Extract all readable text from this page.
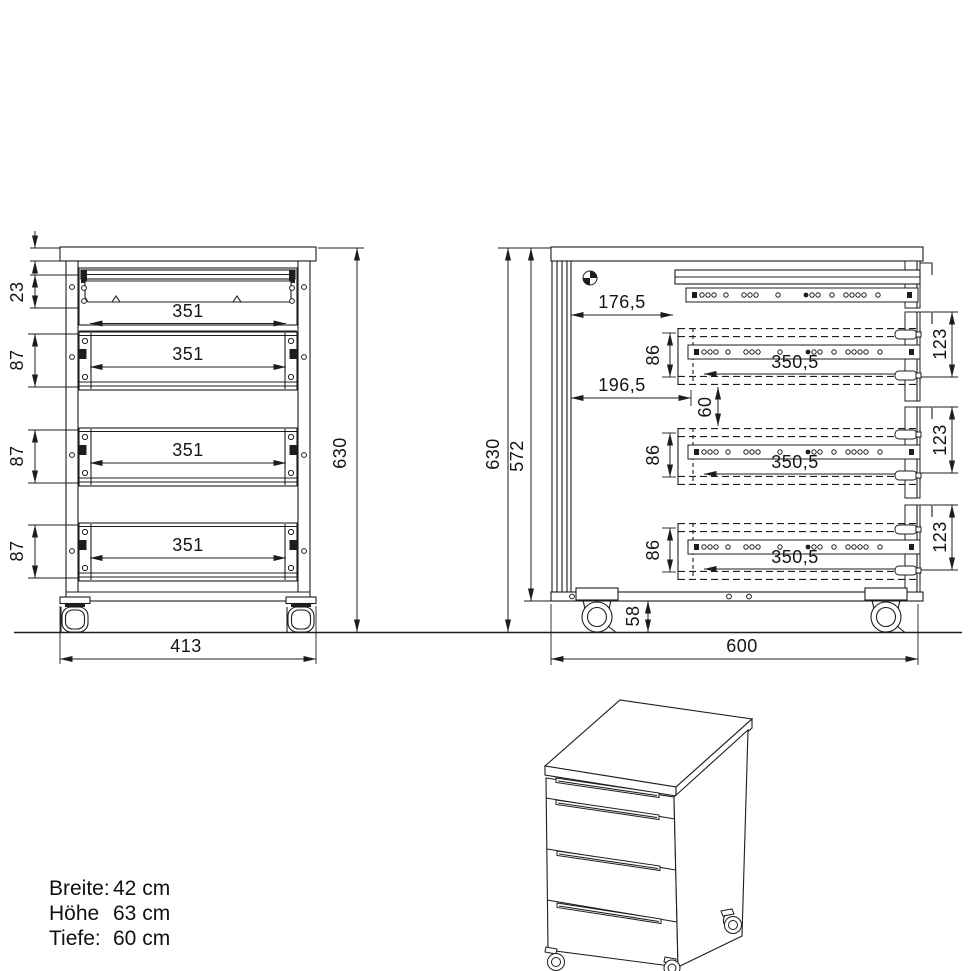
351
351
351
351
23
87
87
87
630
413
350,5
350,5
350,5
86
86
86
176,5
196,5
60
123
123
123
58
600
630 572
Breite: 42 cm
Höhe 63 cm
Tiefe: 60 cm
